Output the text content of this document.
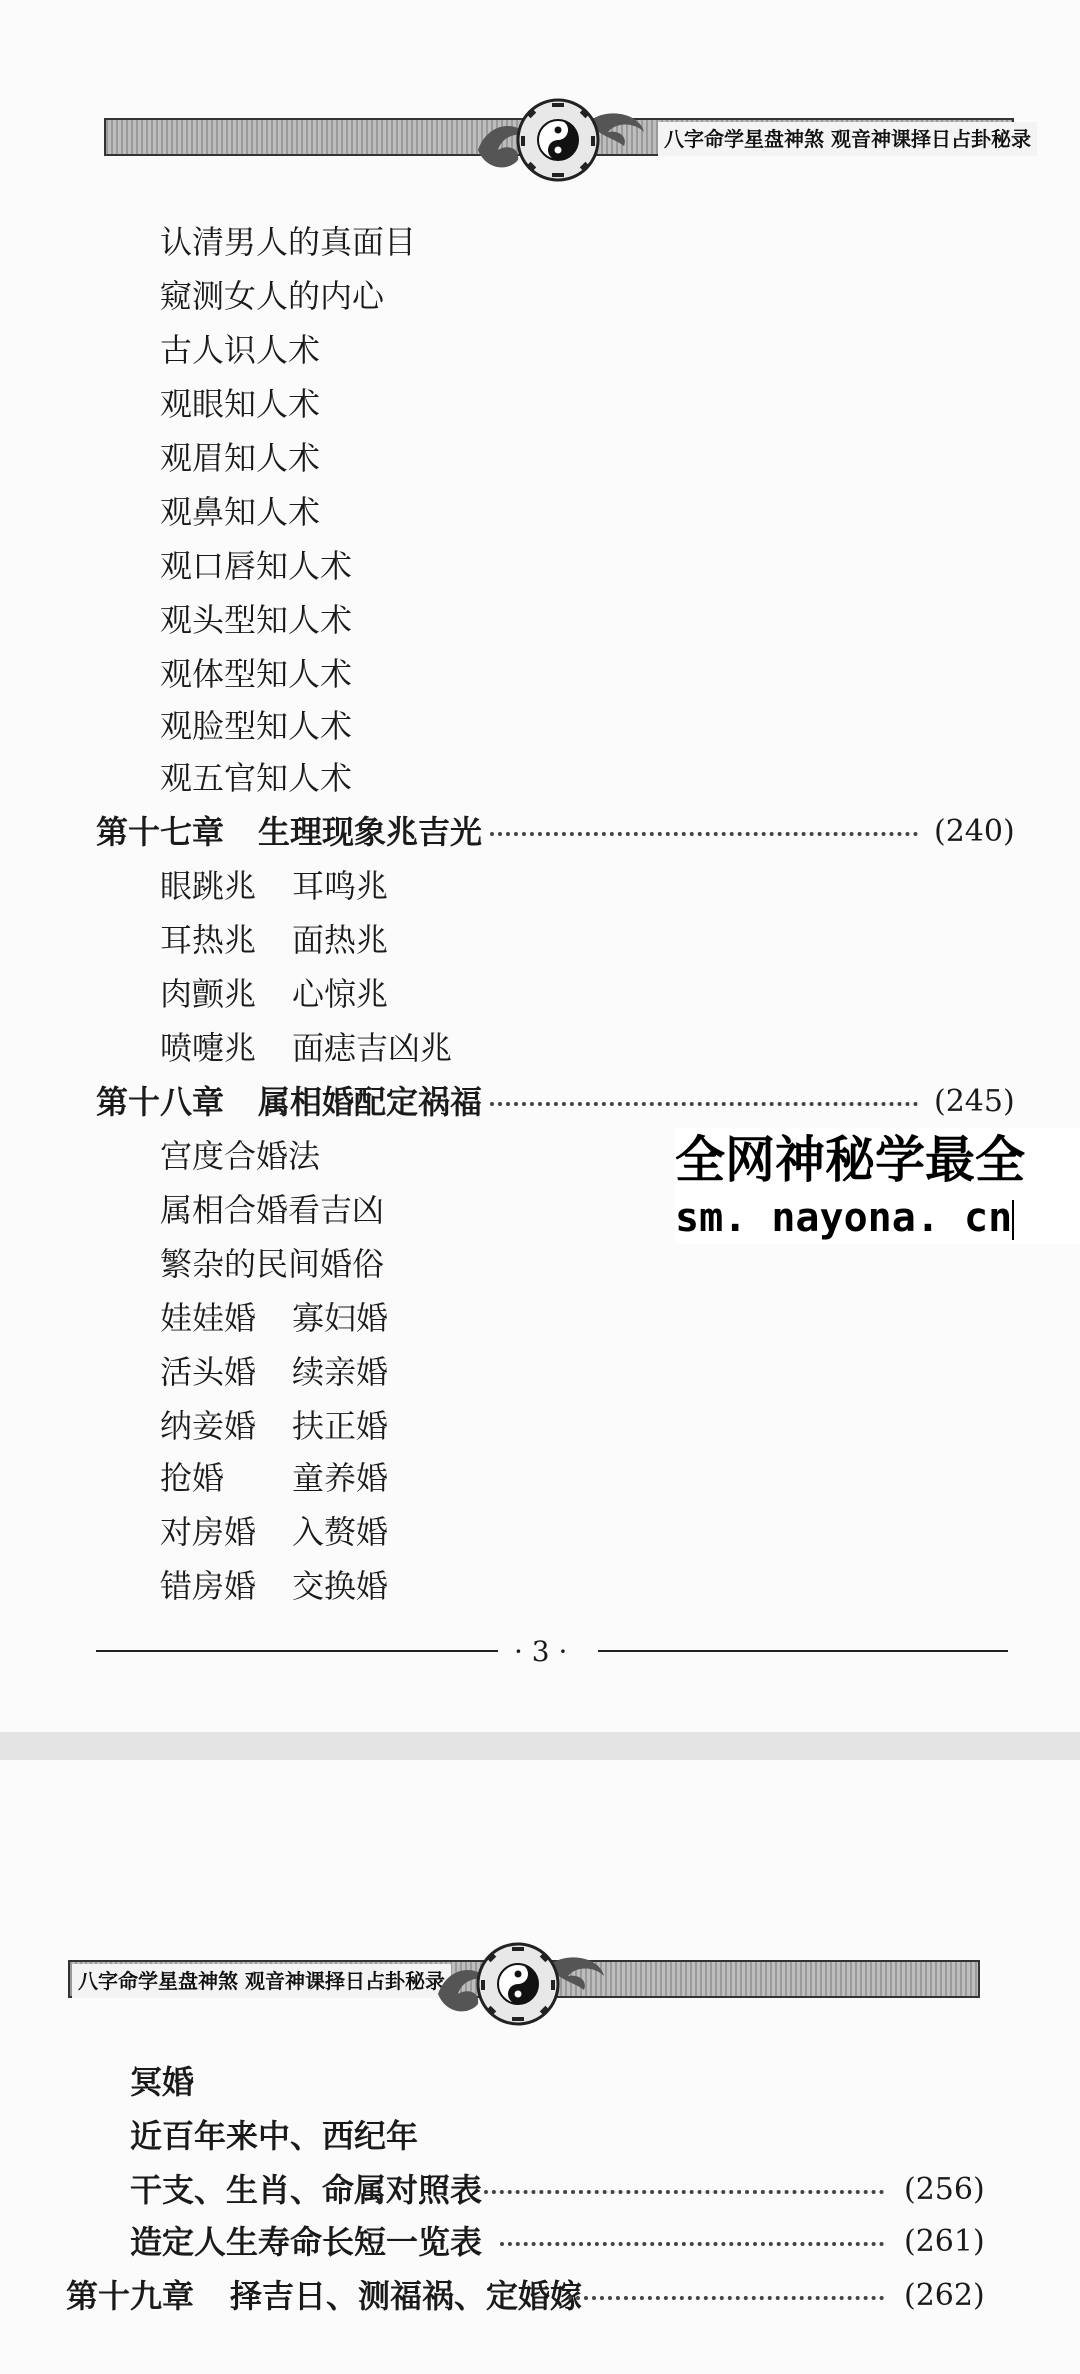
八字命学星盘神煞 观音神课择日占卦秘录
认清男人的真面目
窥测女人的内心
古人识人术
观眼知人术
观眉知人术
观鼻知人术
观口唇知人术
观头型知人术
观体型知人术
观脸型知人术
观五官知人术
第十七章 生理现象兆吉光	(240)
眼跳兆 耳鸣兆
耳热兆 面热兆
肉颤兆 心惊兆
喷嚏兆 面痣吉凶兆
第十八章 属相婚配定祸福	(245)
宫度合婚法
属相合婚看吉凶
繁杂的民间婚俗
娃娃婚 寡妇婚
活头婚 续亲婚
纳妾婚 扶正婚
抢婚 童养婚
对房婚 入赘婚
错房婚 交换婚
· 3 ·
全网神秘学最全
sm. nayona. cn
八字命学星盘神煞 观音神课择日占卦秘录
冥婚
近百年来中、西纪年
干支、生肖、命属对照表	(256)
造定人生寿命长短一览表	(261)
第十九章 择吉日、测福祸、定婚嫁	(262)
